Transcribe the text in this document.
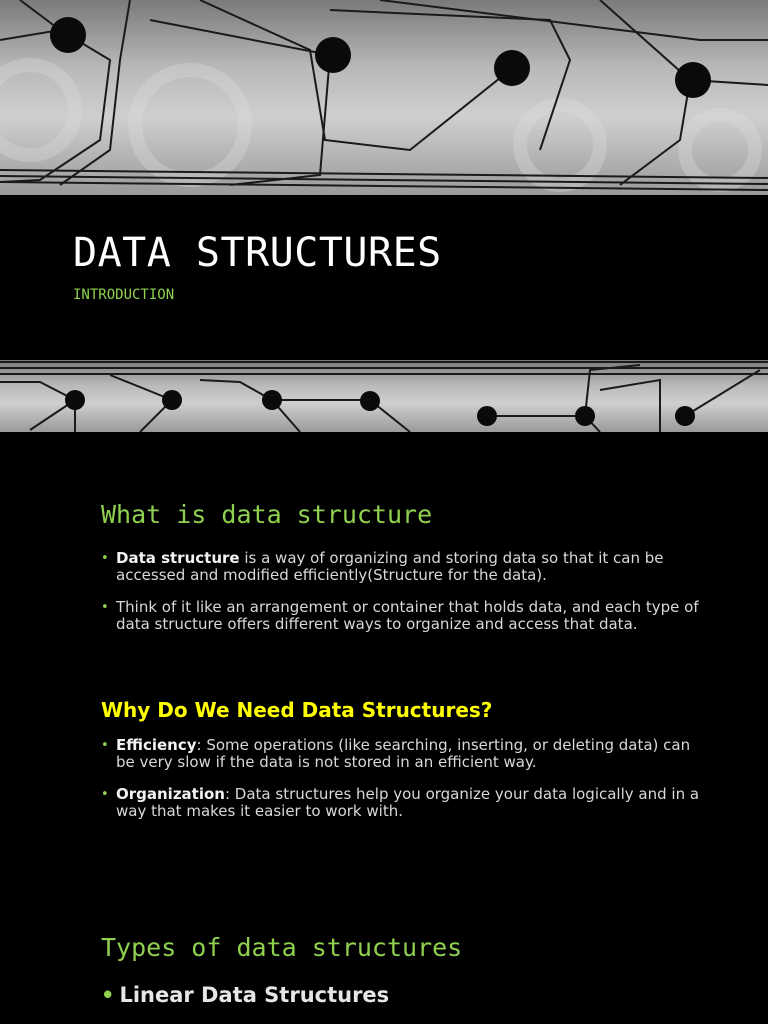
DATA STRUCTURES

INTRODUCTION

What is data structure
• Data structure is a way of organizing and storing data so that it can be accessed and modified efficiently(Structure for the data).
• Think of it like an arrangement or container that holds data, and each type of data structure offers different ways to organize and access that data.
Why Do We Need Data Structures?
• Efficiency: Some operations (like searching, inserting, or deleting data) can be very slow if the data is not stored in an efficient way.
• Organization: Data structures help you organize your data logically and in a way that makes it easier to work with.
Types of data structures

• Linear Data Structures
